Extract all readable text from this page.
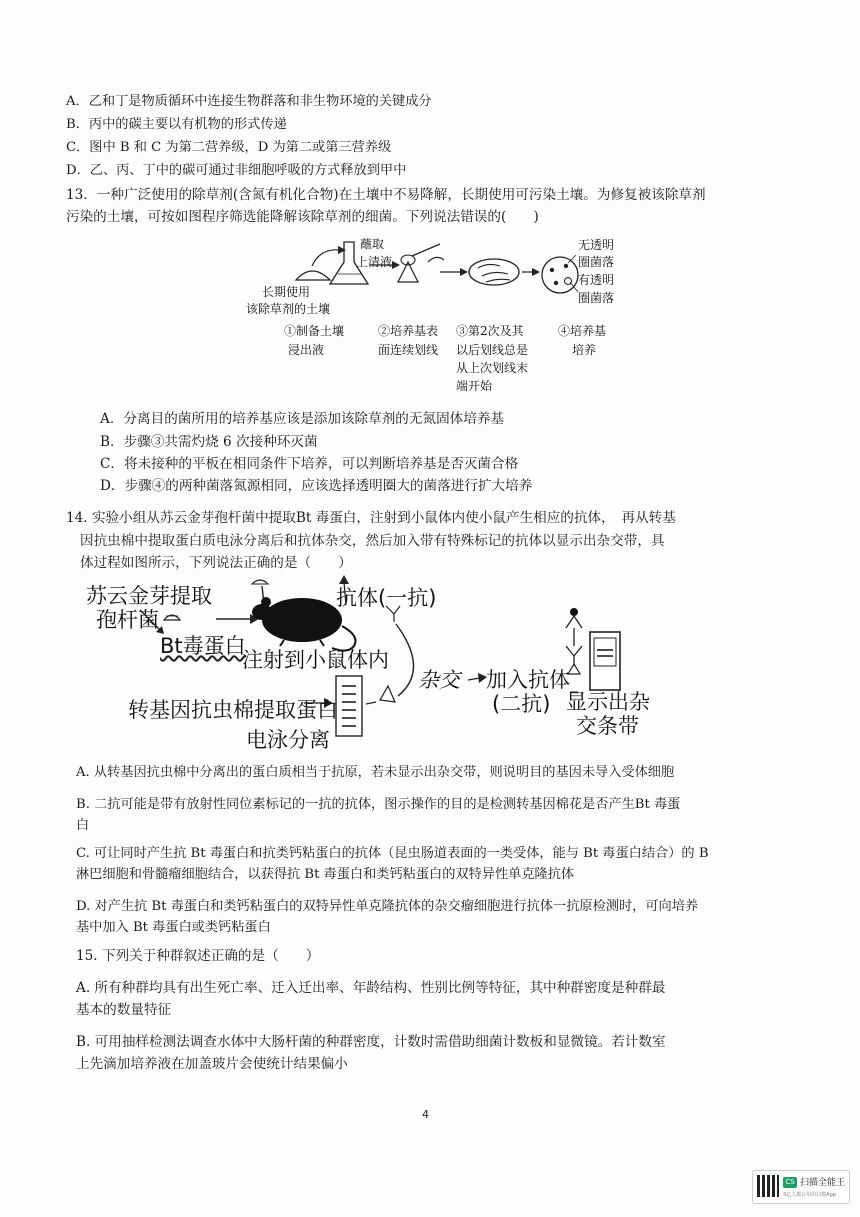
A．乙和丁是物质循环中连接生物群落和非生物环境的关键成分
B．丙中的碳主要以有机物的形式传递
C．图中 B 和 C 为第二营养级，D 为第二或第三营养级
D．乙、丙、丁中的碳可通过非细胞呼吸的方式释放到甲中
13．一种广泛使用的除草剂(含氮有机化合物)在土壤中不易降解，长期使用可污染土壤。为修复被该除草剂
污染的土壤，可按如图程序筛选能降解该除草剂的细菌。下列说法错误的(　　)
长期使用
该除草剂的土壤
蘸取
上清液
无透明
圈菌落
有透明
圈菌落
①制备土壤
浸出液
②培养基表
面连续划线
③第2次及其
以后划线总是
从上次划线末
端开始
④培养基
培养
A．分离目的菌所用的培养基应该是添加该除草剂的无氮固体培养基
B．步骤③共需灼烧 6 次接种环灭菌
C．将未接种的平板在相同条件下培养，可以判断培养基是否灭菌合格
D．步骤④的两种菌落氮源相同，应该选择透明圈大的菌落进行扩大培养
14. 实验小组从苏云金芽孢杆菌中提取Bt 毒蛋白，注射到小鼠体内使小鼠产生相应的抗体，　再从转基
因抗虫棉中提取蛋白质电泳分离后和抗体杂交，然后加入带有特殊标记的抗体以显示出杂交带，具
体过程如图所示，下列说法正确的是（　　）
苏云金芽提取
孢杆菌
Bt毒蛋白
注射到小鼠体内
抗体(一抗)
杂交 加入抗体
(二抗)
转基因抗虫棉提取蛋白
电泳分离
显示出杂
交条带
A. 从转基因抗虫棉中分离出的蛋白质相当于抗原，若未显示出杂交带，则说明目的基因未导入受体细胞
B. 二抗可能是带有放射性同位素标记的一抗的抗体，图示操作的目的是检测转基因棉花是否产生Bt 毒蛋
白
C. 可让同时产生抗 Bt 毒蛋白和抗类钙粘蛋白的抗体（昆虫肠道表面的一类受体，能与 Bt 毒蛋白结合）的 B
淋巴细胞和骨髓瘤细胞结合，以获得抗 Bt 毒蛋白和类钙粘蛋白的双特异性单克隆抗体
D. 对产生抗 Bt 毒蛋白和类钙粘蛋白的双特异性单克隆抗体的杂交瘤细胞进行抗体一抗原检测时，可向培养
基中加入 Bt 毒蛋白或类钙粘蛋白
15. 下列关于种群叙述正确的是（　　）
A. 所有种群均具有出生死亡率、迁入迁出率、年龄结构、性别比例等特征，其中种群密度是种群最
基本的数量特征
B. 可用抽样检测法调查水体中大肠杆菌的种群密度，计数时需借助细菌计数板和显微镜。若计数室
上先滴加培养液在加盖玻片会使统计结果偏小
4
CS 扫描全能王
3亿人都在用的扫描App
